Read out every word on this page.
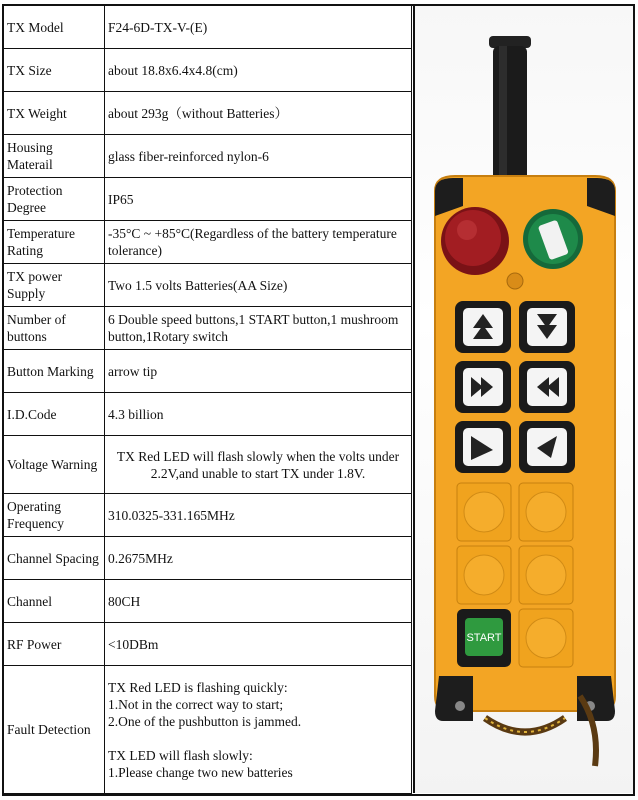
TX Model	F24-6D-TX-V-(E)
TX Size	about 18.8x6.4x4.8(cm)
TX Weight	about 293g（without Batteries）
Housing Materail	glass fiber-reinforced nylon-6
Protection Degree	IP65
Temperature Rating	-35°C ~ +85°C(Regardless of the battery temperature tolerance)
TX power Supply	Two 1.5 volts Batteries(AA Size)
Number of buttons	6 Double speed buttons,1 START button,1 mushroom button,1Rotary switch
Button Marking	arrow tip
I.D.Code	4.3 billion
Voltage Warning	TX Red LED will flash slowly when the volts under 2.2V,and unable to start TX under 1.8V.
Operating Frequency	310.0325-331.165MHz
Channel Spacing	0.2675MHz
Channel	80CH
RF Power	<10DBm
Fault Detection	TX Red LED is flashing quickly:
1.Not in the correct way to start;
2.One of the pushbutton is jammed.
TX LED will flash slowly:
1.Please change two new batteries
START
